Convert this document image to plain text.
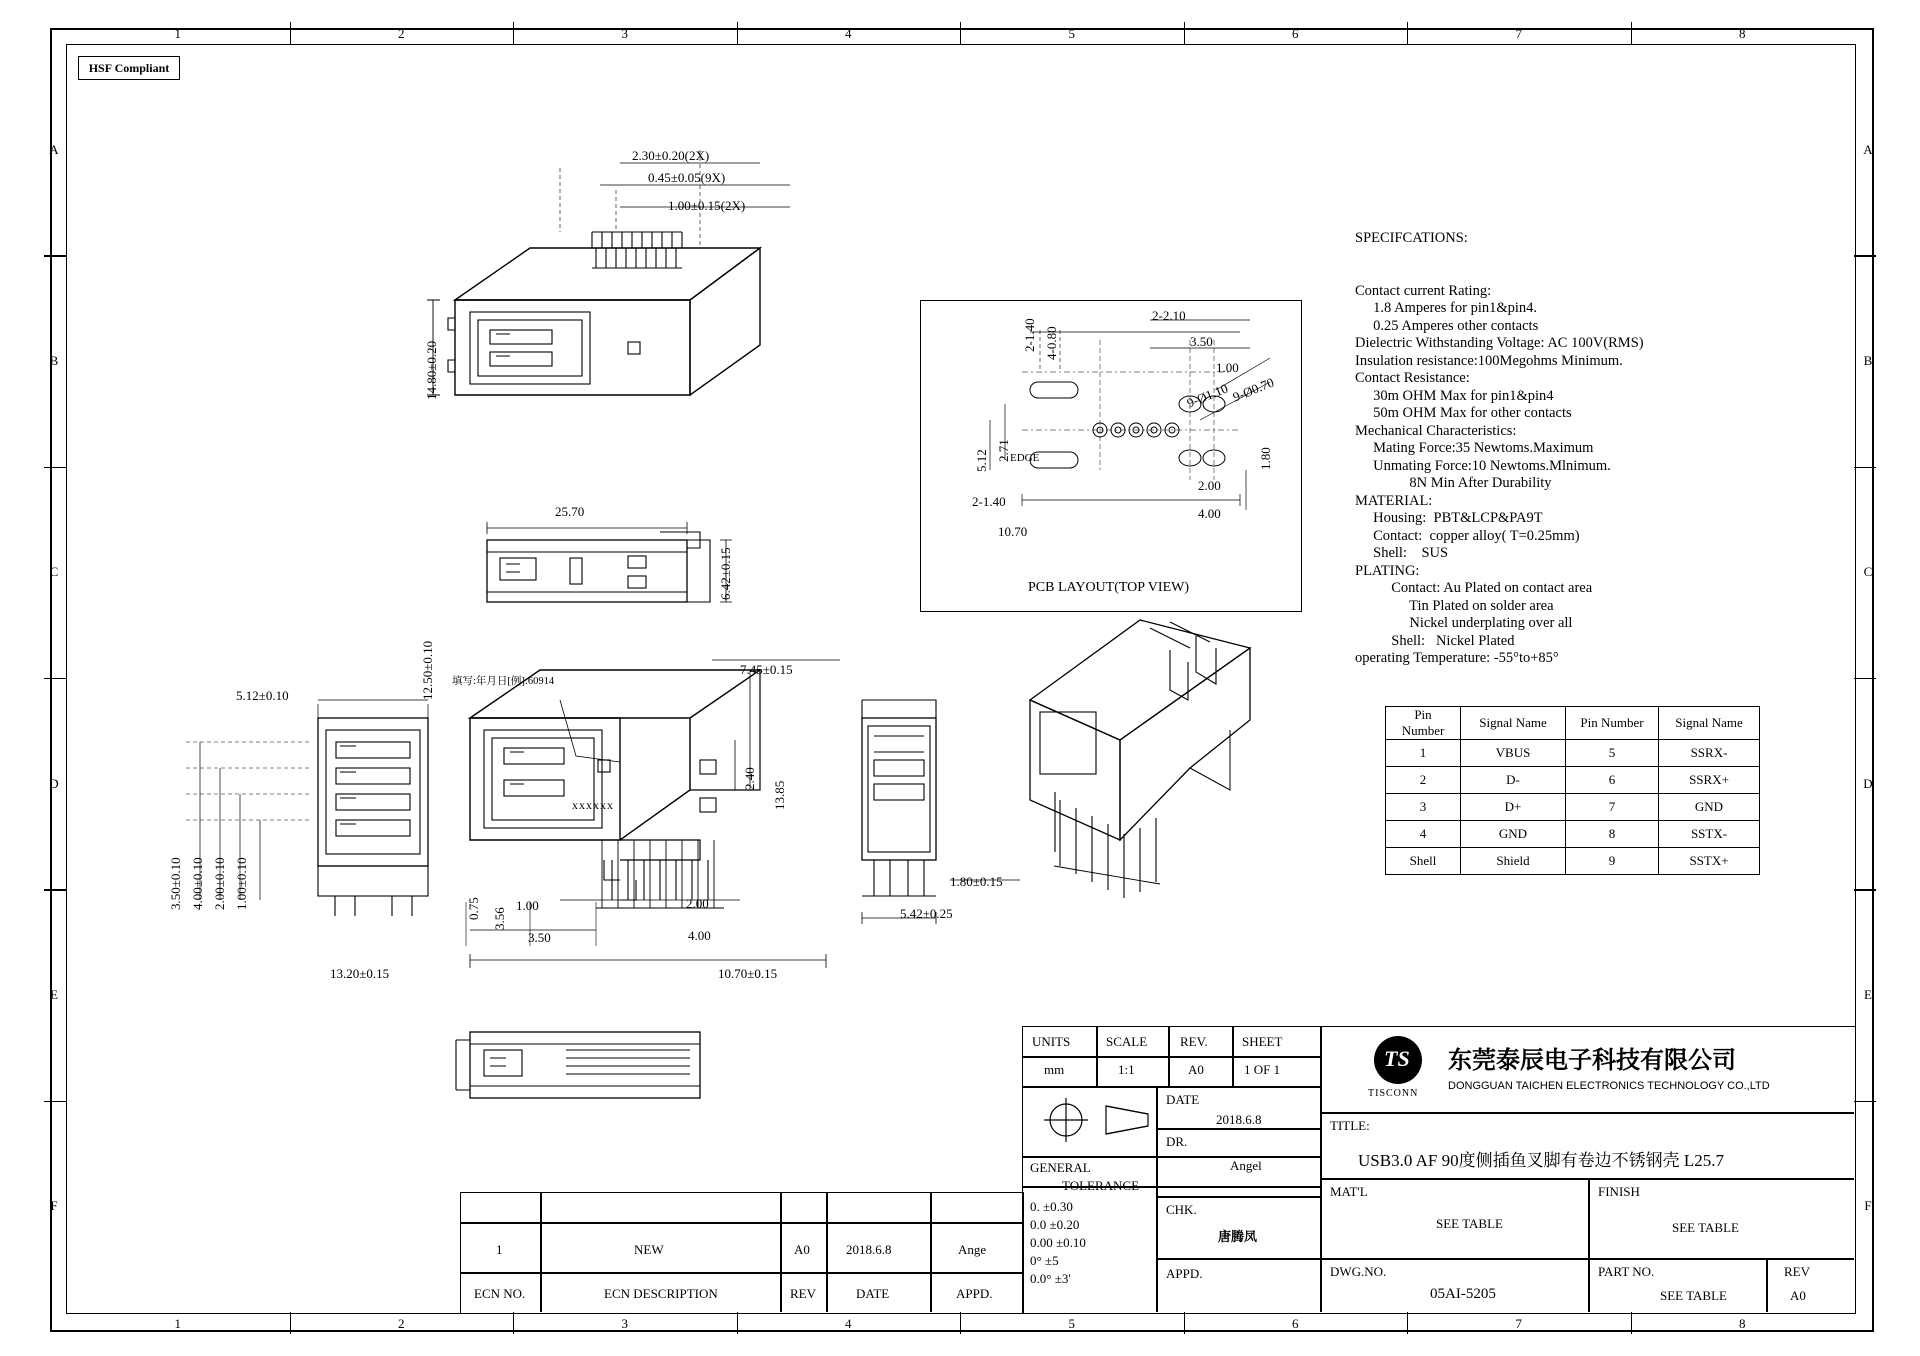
HSF Compliant
PCB LAYOUT(TOP VIEW)
2.30±0.20(2X)
0.45±0.05(9X)
1.00±0.15(2X)
14.80±0.20
25.70
6.42±0.15
12.50±0.10
5.12±0.10
3.50±0.10 4.00±0.10 2.00±0.10 1.00±0.10
13.20±0.15
7.45±0.15
13.85
2.40
0.75 3.56
1.00
3.50
2.00
4.00
10.70±0.15
1.80±0.15
5.42±0.25
填写:年月日[例]:60914
xxxxxx
2-2.10
3.50
1.00
9-Ø0.70
9-Ø1.10
2-1.40 4-0.80
5.12 2.71 EDGE
2-1.40
10.70
2.00
4.00
1.80

SPECIFCATIONS:

Contact current Rating:
1.8 Amperes for pin1&pin4.
0.25 Amperes other contacts
Dielectric Withstanding Voltage: AC 100V(RMS)
Insulation resistance:100Megohms Minimum.
Contact Resistance:
30m OHM Max for pin1&pin4
50m OHM Max for other contacts
Mechanical Characteristics:
Mating Force:35 Newtoms.Maximum
Unmating Force:10 Newtoms.Mlnimum.
8N Min After Durability
MATERIAL:
Housing:  PBT&LCP&PA9T
Contact:  copper alloy( T=0.25mm)
Shell:    SUS
PLATING:
Contact: Au Plated on contact area
Tin Plated on solder area
Nickel underplating over all
Shell:   Nickel Plated
operating Temperature: -55°to+85°

Pin Number	Signal Name	Pin Number	Signal Name
1	VBUS	5	SSRX-
2	D-	6	SSRX+
3	D+	7	GND
4	GND	8	SSTX-
Shell	Shield	9	SSTX+
UNITS
mm
SCALE
1:1
REV.
A0
SHEET
1 OF 1
GENERAL
TOLERANCE
0. ±0.30
0.0 ±0.20
0.00 ±0.10
0° ±5
0.0° ±3'
DATE
2018.6.8
DR.
Angel
CHK.
唐腾凤
APPD.
TS
TISCONN
东莞泰辰电子科技有限公司
DONGGUAN TAICHEN ELECTRONICS TECHNOLOGY CO.,LTD
TITLE:
USB3.0 AF 90度侧插鱼叉脚有卷边不锈钢壳 L25.7
MAT'L
SEE TABLE
FINISH
SEE TABLE
DWG.NO.
05AI-5205
PART NO.
SEE TABLE
REV
A0
ECN NO.	ECN DESCRIPTION	REV	DATE	APPD.
1	NEW	A0	2018.6.8	Ange
1
1
2
2
3
3
4
4
5
5
6
6
7
7
8
8
A	A
B	B
C	C
D	D
E	E
F	F
